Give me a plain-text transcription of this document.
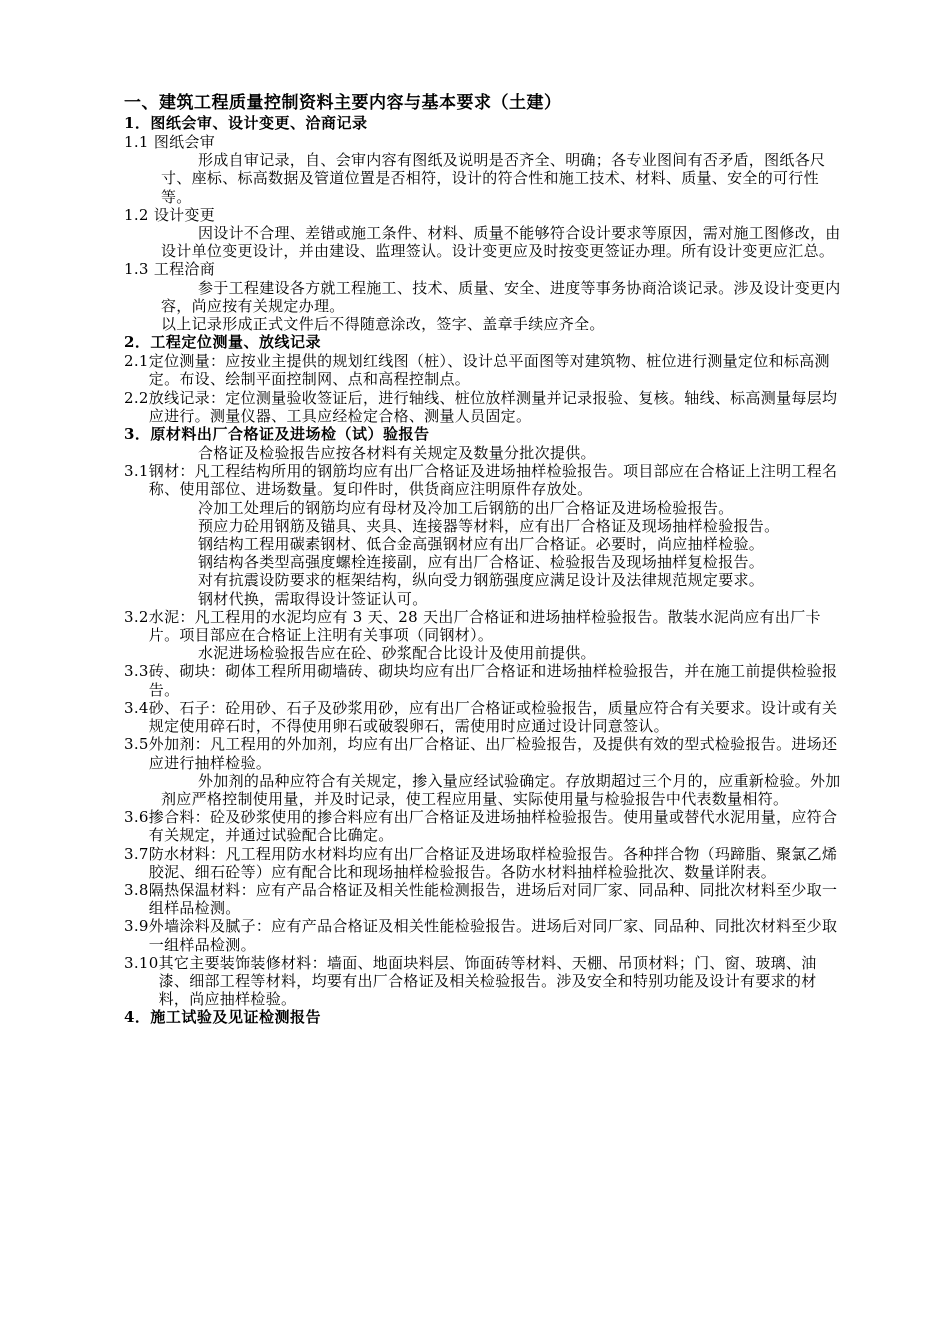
一、建筑工程质量控制资料主要内容与基本要求（土建）
1．图纸会审、设计变更、洽商记录
1.1 图纸会审
形成自审记录，自、会审内容有图纸及说明是否齐全、明确；各专业图间有否矛盾，图纸各尺寸、座标、标高数据及管道位置是否相符，设计的符合性和施工技术、材料、质量、安全的可行性等。
1.2 设计变更
因设计不合理、差错或施工条件、材料、质量不能够符合设计要求等原因，需对施工图修改，由设计单位变更设计，并由建设、监理签认。设计变更应及时按变更签证办理。所有设计变更应汇总。
1.3 工程洽商
参于工程建设各方就工程施工、技术、质量、安全、进度等事务协商洽谈记录。涉及设计变更内容，尚应按有关规定办理。
以上记录形成正式文件后不得随意涂改，签字、盖章手续应齐全。
2．工程定位测量、放线记录
2.1 定位测量：应按业主提供的规划红线图（桩）、设计总平面图等对建筑物、桩位进行测量定位和标高测定。布设、绘制平面控制网、点和高程控制点。
2.2 放线记录：定位测量验收签证后，进行轴线、桩位放样测量并记录报验、复核。轴线、标高测量每层均应进行。测量仪器、工具应经检定合格、测量人员固定。
3．原材料出厂合格证及进场检（试）验报告
合格证及检验报告应按各材料有关规定及数量分批次提供。
3.1 钢材：凡工程结构所用的钢筋均应有出厂合格证及进场抽样检验报告。项目部应在合格证上注明工程名称、使用部位、进场数量。复印件时，供货商应注明原件存放处。
冷加工处理后的钢筋均应有母材及冷加工后钢筋的出厂合格证及进场检验报告。
预应力砼用钢筋及锚具、夹具、连接器等材料，应有出厂合格证及现场抽样检验报告。
钢结构工程用碳素钢材、低合金高强钢材应有出厂合格证。必要时，尚应抽样检验。
钢结构各类型高强度螺栓连接副，应有出厂合格证、检验报告及现场抽样复检报告。
对有抗震设防要求的框架结构，纵向受力钢筋强度应满足设计及法律规范规定要求。
钢材代换，需取得设计签证认可。
3.2 水泥：凡工程用的水泥均应有 3 天、28 天出厂合格证和进场抽样检验报告。散装水泥尚应有出厂卡片。项目部应在合格证上注明有关事项（同钢材）。
水泥进场检验报告应在砼、砂浆配合比设计及使用前提供。
3.3 砖、砌块：砌体工程所用砌墙砖、砌块均应有出厂合格证和进场抽样检验报告，并在施工前提供检验报告。
3.4 砂、石子：砼用砂、石子及砂浆用砂，应有出厂合格证或检验报告，质量应符合有关要求。设计或有关规定使用碎石时，不得使用卵石或破裂卵石，需使用时应通过设计同意签认。
3.5 外加剂：凡工程用的外加剂，均应有出厂合格证、出厂检验报告，及提供有效的型式检验报告。进场还应进行抽样检验。
外加剂的品种应符合有关规定，掺入量应经试验确定。存放期超过三个月的，应重新检验。外加剂应严格控制使用量，并及时记录，使工程应用量、实际使用量与检验报告中代表数量相符。
3.6 掺合料：砼及砂浆使用的掺合料应有出厂合格证及进场抽样检验报告。使用量或替代水泥用量，应符合有关规定，并通过试验配合比确定。
3.7 防水材料：凡工程用防水材料均应有出厂合格证及进场取样检验报告。各种拌合物（玛蹄脂、聚氯乙烯胶泥、细石砼等）应有配合比和现场抽样检验报告。各防水材料抽样检验批次、数量详附表。
3.8 隔热保温材料：应有产品合格证及相关性能检测报告，进场后对同厂家、同品种、同批次材料至少取一组样品检测。
3.9 外墙涂料及腻子：应有产品合格证及相关性能检验报告。进场后对同厂家、同品种、同批次材料至少取一组样品检测。
3.10 其它主要装饰装修材料：墙面、地面块料层、饰面砖等材料、天棚、吊顶材料；门、窗、玻璃、油漆、细部工程等材料，均要有出厂合格证及相关检验报告。涉及安全和特别功能及设计有要求的材料，尚应抽样检验。
4．施工试验及见证检测报告
